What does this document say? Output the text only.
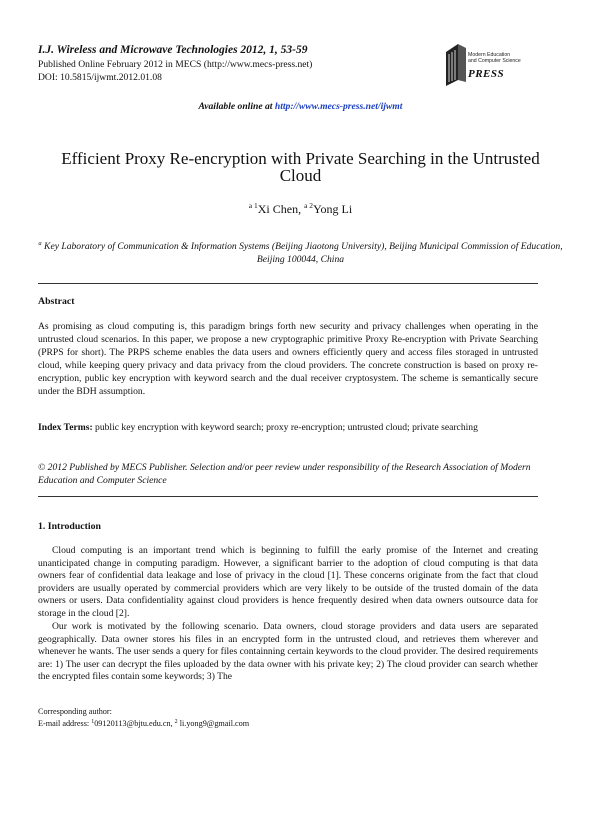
I.J. Wireless and Microwave Technologies 2012, 1, 53-59
Published Online February 2012 in MECS (http://www.mecs-press.net)
DOI: 10.5815/ijwmt.2012.01.08
Modern Education
and Computer Science
PRESS
Available online at http://www.mecs-press.net/ijwmt
Efficient Proxy Re-encryption with Private Searching in the Untrusted Cloud
$^{a 1}$Xi Chen, $^{a 2}$Yong Li
$^a$ Key Laboratory of Communication & Information Systems (Beijing Jiaotong University), Beijing Municipal Commission of Education, Beijing 100044, China
Abstract
As promising as cloud computing is, this paradigm brings forth new security and privacy challenges when operating in the untrusted cloud scenarios. In this paper, we propose a new cryptographic primitive Proxy Re-encryption with Private Searching (PRPS for short). The PRPS scheme enables the data users and owners efficiently query and access files storaged in untrusted cloud, while keeping query privacy and data privacy from the cloud providers. The concrete construction is based on proxy re-encryption, public key encryption with keyword search and the dual receiver cryptosystem. The scheme is semantically secure under the BDH assumption.
Index Terms: public key encryption with keyword search; proxy re-encryption; untrusted cloud; private searching
© 2012 Published by MECS Publisher. Selection and/or peer review under responsibility of the Research Association of Modern Education and Computer Science
1. Introduction
Cloud computing is an important trend which is beginning to fulfill the early promise of the Internet and creating unanticipated change in computing paradigm. However, a significant barrier to the adoption of cloud computing is that data owners fear of confidential data leakage and lose of privacy in the cloud [1]. These concerns originate from the fact that cloud providers are usually operated by commercial providers which are very likely to be outside of the trusted domain of the data owners or users. Data confidentiality against cloud providers is hence frequently desired when data owners outsource data for storage in the cloud [2].
Our work is motivated by the following scenario. Data owners, cloud storage providers and data users are separated geographically. Data owner stores his files in an encrypted form in the untrusted cloud, and retrieves them wherever and whenever he wants. The user sends a query for files containning certain keywords to the cloud provider. The desired requirements are: 1) The user can decrypt the files uploaded by the data owner with his private key; 2) The cloud provider can search whether the encrypted files contain some keywords; 3) The
Corresponding author:
E-mail address: $^1$09120113@bjtu.edu.cn, $^2$ li.yong9@gmail.com
